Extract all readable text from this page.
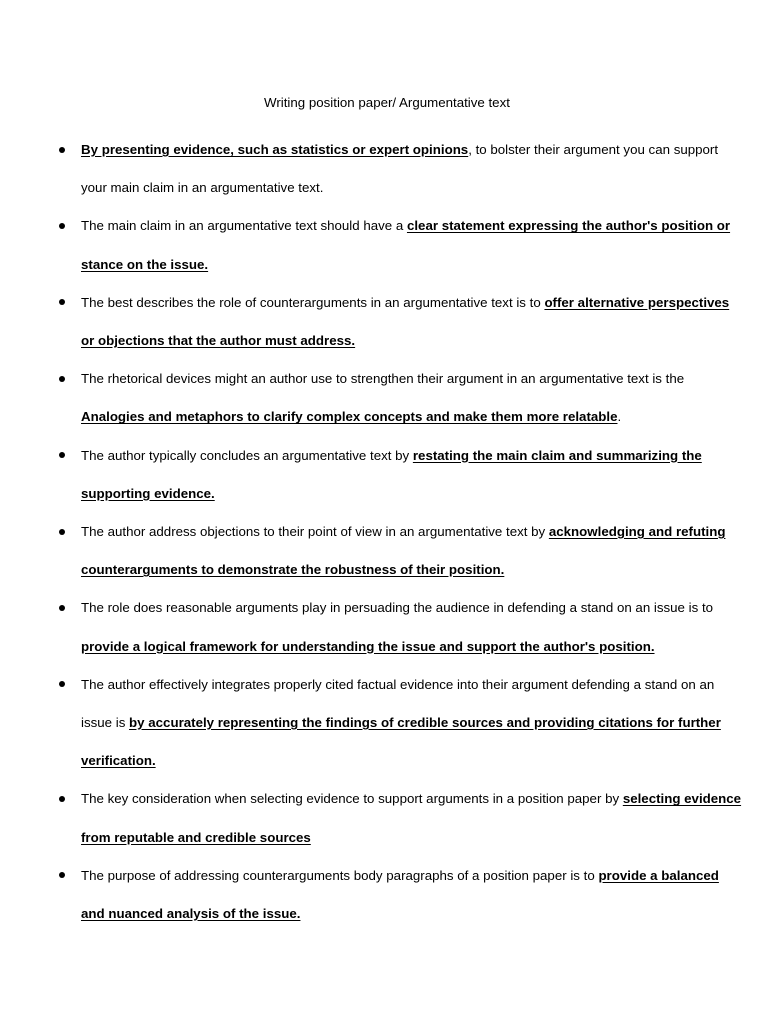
Writing position paper/ Argumentative text
By presenting evidence, such as statistics or expert opinions, to bolster their argument you can support your main claim in an argumentative text.
The main claim in an argumentative text should have a clear statement expressing the author's position or stance on the issue.
The best describes the role of counterarguments in an argumentative text is to offer alternative perspectives or objections that the author must address.
The rhetorical devices might an author use to strengthen their argument in an argumentative text is the Analogies and metaphors to clarify complex concepts and make them more relatable.
The author typically concludes an argumentative text by restating the main claim and summarizing the supporting evidence.
The author address objections to their point of view in an argumentative text by acknowledging and refuting counterarguments to demonstrate the robustness of their position.
The role does reasonable arguments play in persuading the audience in defending a stand on an issue is to provide a logical framework for understanding the issue and support the author's position.
The author effectively integrates properly cited factual evidence into their argument defending a stand on an issue is by accurately representing the findings of credible sources and providing citations for further verification.
The key consideration when selecting evidence to support arguments in a position paper by selecting evidence from reputable and credible sources
The purpose of addressing counterarguments body paragraphs of a position paper is to provide a balanced and nuanced analysis of the issue.
